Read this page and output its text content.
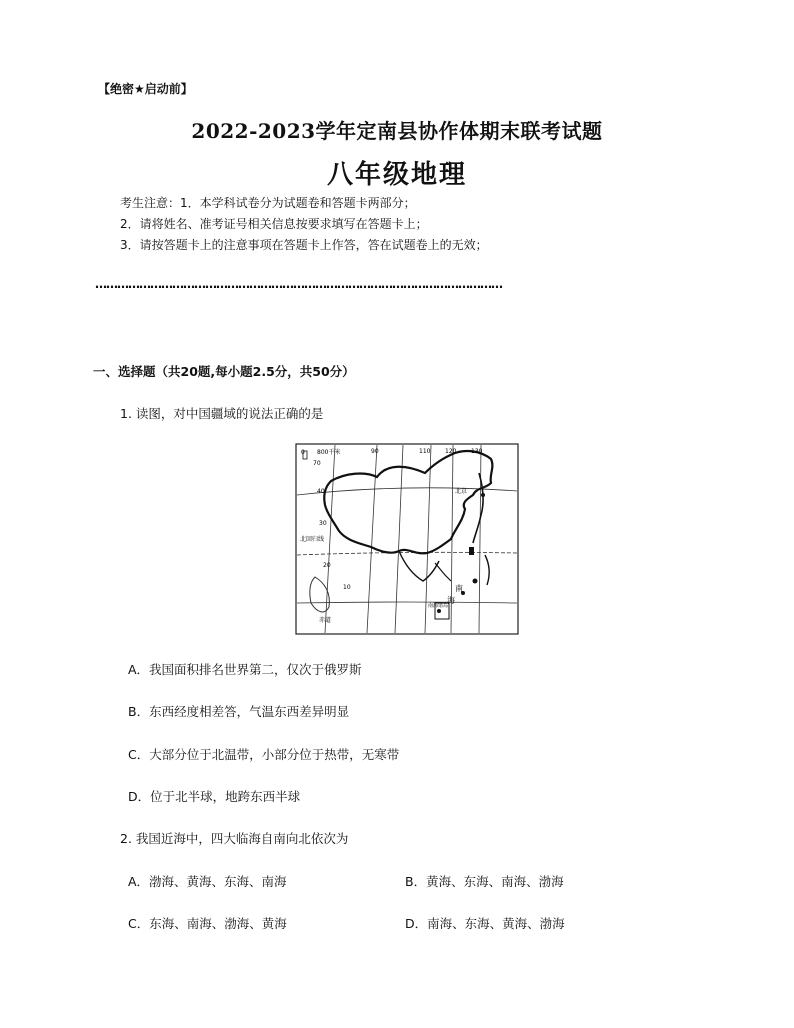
【绝密★启动前】
2022-2023学年定南县协作体期末联考试题
八年级地理
考生注意：1．本学科试卷分为试题卷和答题卡两部分；
2．请将姓名、准考证号相关信息按要求填写在答题卡上；
3．请按答题卡上的注意事项在答题卡上作答，答在试题卷上的无效；
…………………………………………………………………………………………………
一、选择题（共20题,每小题2.5分，共50分）
1. 读图，对中国疆域的说法正确的是
0 800千米
70
90	110 120 130
40
30
20
10
北京
北回归线
赤道
南
海
南海诸岛
A．我国面积排名世界第二，仅次于俄罗斯
B．东西经度相差答，气温东西差异明显
C．大部分位于北温带，小部分位于热带，无寒带
D．位于北半球，地跨东西半球
2. 我国近海中，四大临海自南向北依次为
A．渤海、黄海、东海、南海	B．黄海、东海、南海、渤海
C．东海、南海、渤海、黄海	D．南海、东海、黄海、渤海
